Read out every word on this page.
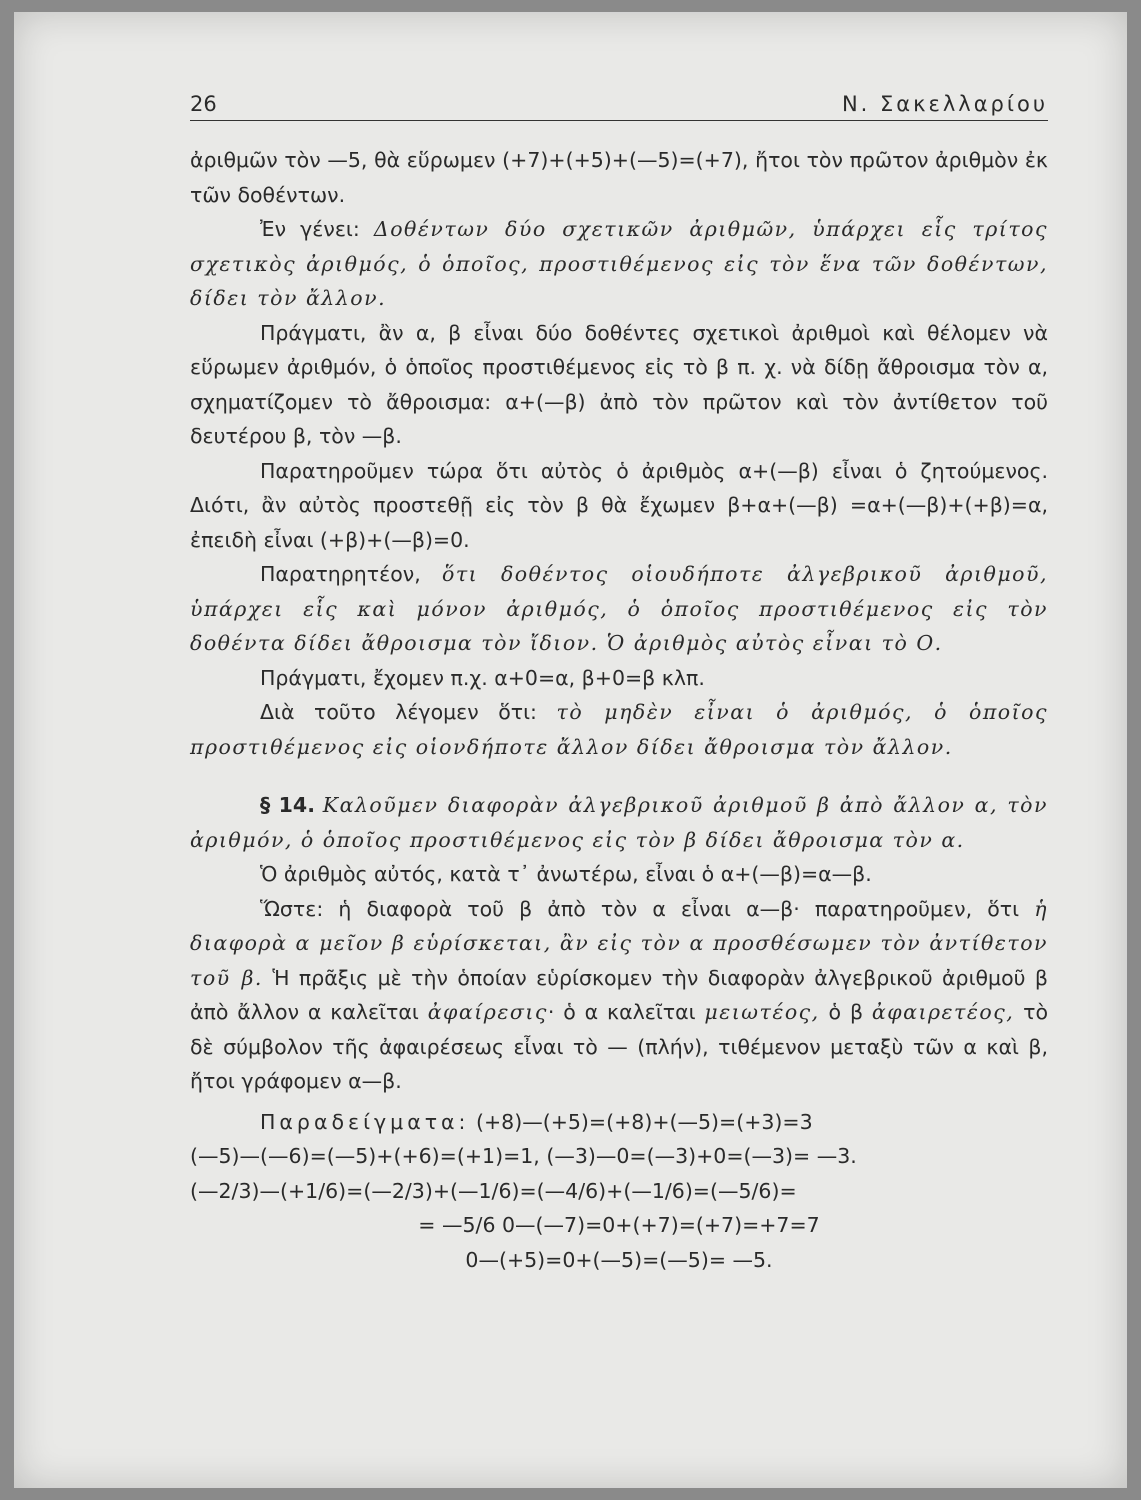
26	Ν. Σακελλαρίου

ἀριθμῶν τὸν —5, θὰ εὕρωμεν (+7)+(+5)+(—5)=(+7), ἤτοι τὸν πρῶτον ἀριθμὸν ἐκ τῶν δοθέντων.

Ἐν γένει: Δοθέντων δύο σχετικῶν ἀριθμῶν, ὑπάρχει εἷς τρίτος σχετικὸς ἀριθμός, ὁ ὁποῖος, προστιθέμενος εἰς τὸν ἕνα τῶν δοθέντων, δίδει τὸν ἄλλον.

Πράγματι, ἂν α, β εἶναι δύο δοθέντες σχετικοὶ ἀριθμοὶ καὶ θέλομεν νὰ εὕρωμεν ἀριθμόν, ὁ ὁποῖος προστιθέμενος εἰς τὸ β π. χ. νὰ δίδῃ ἄθροισμα τὸν α, σχηματίζομεν τὸ ἄθροισμα: α+(—β) ἀπὸ τὸν πρῶτον καὶ τὸν ἀντίθετον τοῦ δευτέρου β, τὸν —β.

Παρατηροῦμεν τώρα ὅτι αὐτὸς ὁ ἀριθμὸς α+(—β) εἶναι ὁ ζητούμενος. Διότι, ἂν αὐτὸς προστεθῇ εἰς τὸν β θὰ ἔχωμεν β+α+(—β) =α+(—β)+(+β)=α, ἐπειδὴ εἶναι (+β)+(—β)=0.

Παρατηρητέον, ὅτι δοθέντος οἱουδήποτε ἀλγεβρικοῦ ἀριθμοῦ, ὑπάρχει εἷς καὶ μόνον ἀριθμός, ὁ ὁποῖος προστιθέμενος εἰς τὸν δοθέντα δίδει ἄθροισμα τὸν ἴδιον. Ὁ ἀριθμὸς αὐτὸς εἶναι τὸ Ο.

Πράγματι, ἔχομεν π.χ. α+0=α, β+0=β κλπ.

Διὰ τοῦτο λέγομεν ὅτι: τὸ μηδὲν εἶναι ὁ ἀριθμός, ὁ ὁποῖος προστιθέμενος εἰς οἱονδήποτε ἄλλον δίδει ἄθροισμα τὸν ἄλλον.

§ 14. Καλοῦμεν διαφορὰν ἀλγεβρικοῦ ἀριθμοῦ β ἀπὸ ἄλλον α, τὸν ἀριθμόν, ὁ ὁποῖος προστιθέμενος εἰς τὸν β δίδει ἄθροισμα τὸν α.

Ὁ ἀριθμὸς αὐτός, κατὰ τ᾽ ἀνωτέρω, εἶναι ὁ α+(—β)=α—β.

Ὥστε: ἡ διαφορὰ τοῦ β ἀπὸ τὸν α εἶναι α—β· παρατηροῦμεν, ὅτι ἡ διαφορὰ α μεῖον β εὑρίσκεται, ἂν εἰς τὸν α προσθέσωμεν τὸν ἀντίθετον τοῦ β. Ἡ πρᾶξις μὲ τὴν ὁποίαν εὑρίσκομεν τὴν διαφορὰν ἀλγεβρικοῦ ἀριθμοῦ β ἀπὸ ἄλλον α καλεῖται ἀφαίρεσις· ὁ α καλεῖται μειωτέος, ὁ β ἀφαιρετέος, τὸ δὲ σύμβολον τῆς ἀφαιρέσεως εἶναι τὸ — (πλήν), τιθέμενον μεταξὺ τῶν α καὶ β, ἤτοι γράφομεν α—β.

Παραδείγματα: (+8)—(+5)=(+8)+(—5)=(+3)=3

(—5)—(—6)=(—5)+(+6)=(+1)=1, (—3)—0=(—3)+0=(—3)= —3.

(—2/3)—(+1/6)=(—2/3)+(—1/6)=(—4/6)+(—1/6)=(—5/6)=

= —5/6 0—(—7)=0+(+7)=(+7)=+7=7

0—(+5)=0+(—5)=(—5)= —5.
